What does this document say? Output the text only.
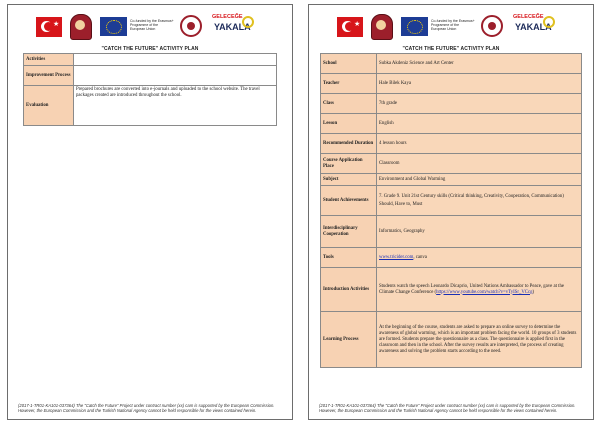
★	Co-funded by the Erasmus+ Programme of the European Union
GELECEĞE
YAKALA
"CATCH THE FUTURE" ACTIVITY PLAN
Activities	
Improvement Process	
Evaluation	Prepared brochures are converted into e-journals and uploaded to the school website. The travel packages created are introduced throughout the school.
(2017-1-TR01-KA101-037364) The "Catch the Future" Project under contract number (xx) cam is supported by the European Commission. However, the European Commission and the Turkish National Agency cannot be held responsible for the views contained herein.
★	Co-funded by the Erasmus+ Programme of the European Union
GELECEĞE
YAKALA
"CATCH THE FUTURE" ACTIVITY PLAN
School	Subka Akdeniz Science and Art Center
Teacher	Hale Bilek Kaya
Class	7th grade
Lesson	English
Recommended Duration	4 lesson hours
Course Application Place	Classroom
Subject	Environment and Global Warming
Student Achievements	7. Grade 9. Unit 21st Century skills (Critical thinking, Creativity, Cooperation, Communication)
Should, Have to, Must

Interdisciplinary Cooperation	Informatics, Geography
Tools	www.tricider.com, canva
Introduction Activities	Students watch the speech Leonardo Dicaprio, United Nations Ambassador to Peace, gave at the Climate Change Conference (https://www.youtube.com/watch?v=vTyISr_VCcg)
Learning Process	At the beginning of the course, students are asked to prepare an online survey to determine the awareness of global warming, which is an important problem facing the world. 10 groups of 3 students are formed. Students prepare the questionnaire as a class. The questionnaire is applied first in the classroom and then in the school. After the survey results are interpreted, the process of creating awareness and solving the problem starts according to the need.
(2017-1-TR01-KA101-037364) The "Catch the Future" Project under contract number (xx) cam is supported by the European Commission. However, the European Commission and the Turkish National Agency cannot be held responsible for the views contained herein.
